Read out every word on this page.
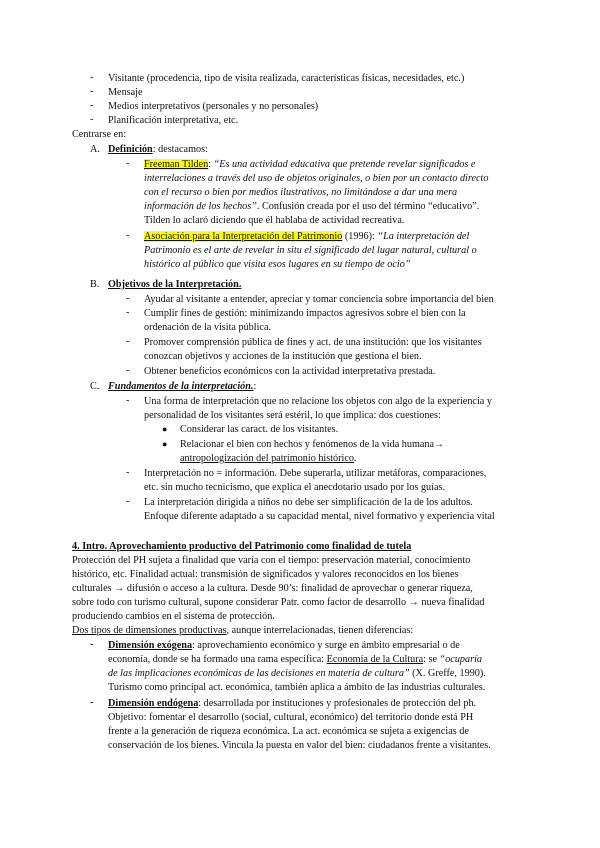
- Visitante (procedencia, tipo de visita realizada, características físicas, necesidades, etc.)
- Mensaje
- Medios interpretativos (personales y no personales)
- Planificación interpretativa, etc.
Centrarse en:
A. Definición: destacamos:
- Freeman Tilden: “Es una actividad educativa que pretende revelar significados e
interrelaciones a través del uso de objetos originales, o bien por un contacto directo
con el recurso o bien por medios ilustrativos, no limitándose a dar una mera
información de los hechos”. Confusión creada por el uso del término “educativo”.
Tilden lo aclaró diciendo que él hablaba de actividad recreativa.
- Asociación para la Interpretación del Patrimonio (1996): “La interpretación del
Patrimonio es el arte de revelar in situ el significado del lugar natural, cultural o
histórico al público que visita esos lugares en su tiempo de ocio”
B. Objetivos de la Interpretación.
- Ayudar al visitante a entender, apreciar y tomar conciencia sobre importancia del bien
- Cumplir fines de gestión: minimizando impactos agresivos sobre el bien con la
ordenación de la visita pública.
- Promover comprensión pública de fines y act. de una institución: que los visitantes
conozcan objetivos y acciones de la institución que gestiona el bien.
- Obtener beneficios económicos con la actividad interpretativa prestada.
C. Fundamentos de la interpretación.:
- Una forma de interpretación que no relacione los objetos con algo de la experiencia y
personalidad de los visitantes será estéril, lo que implica: dos cuestiones:
● Considerar las caract. de los visitantes.
● Relacionar el bien con hechos y fenómenos de la vida humana→
antropologización del patrimonio histórico.
- Interpretación no = información. Debe superarla, utilizar metáforas, comparaciones,
etc. sin mucho tecnicismo, que explica el anecdotario usado por los guías.
- La interpretación dirigida a niños no debe ser simplificación de la de los adultos.
Enfoque diferente adaptado a su capacidad mental, nivel formativo y experiencia vital
4. Intro. Aprovechamiento productivo del Patrimonio como finalidad de tutela
Protección del PH sujeta a finalidad que varía con el tiempo: preservación material, conocimiento
histórico, etc. Finalidad actual: transmisión de significados y valores reconocidos en los bienes
culturales → difusión o acceso a la cultura. Desde 90’s: finalidad de aprovechar o generar riqueza,
sobre todo con turismo cultural, supone considerar Patr. como factor de desarrollo → nueva finalidad
produciendo cambios en el sistema de protección.
Dos tipos de dimensiones productivas, aunque interrelacionadas, tienen diferencias:
- Dimensión exógena: aprovechamiento económico y surge en ámbito empresarial o de
economía, donde se ha formado una rama específica: Economía de la Cultura: se “ocuparía
de las implicaciones económicas de las decisiones en materia de cultura” (X. Greffe, 1990).
Turismo como principal act. económica, también aplica a ámbito de las industrias culturales.
- Dimensión endógena: desarrollada por instituciones y profesionales de protección del ph.
Objetivo: fomentar el desarrollo (social, cultural, económico) del territorio donde está PH
frente a la generación de riqueza económica. La act. económica se sujeta a exigencias de
conservación de los bienes. Vincula la puesta en valor del bien: ciudadanos frente a visitantes.
